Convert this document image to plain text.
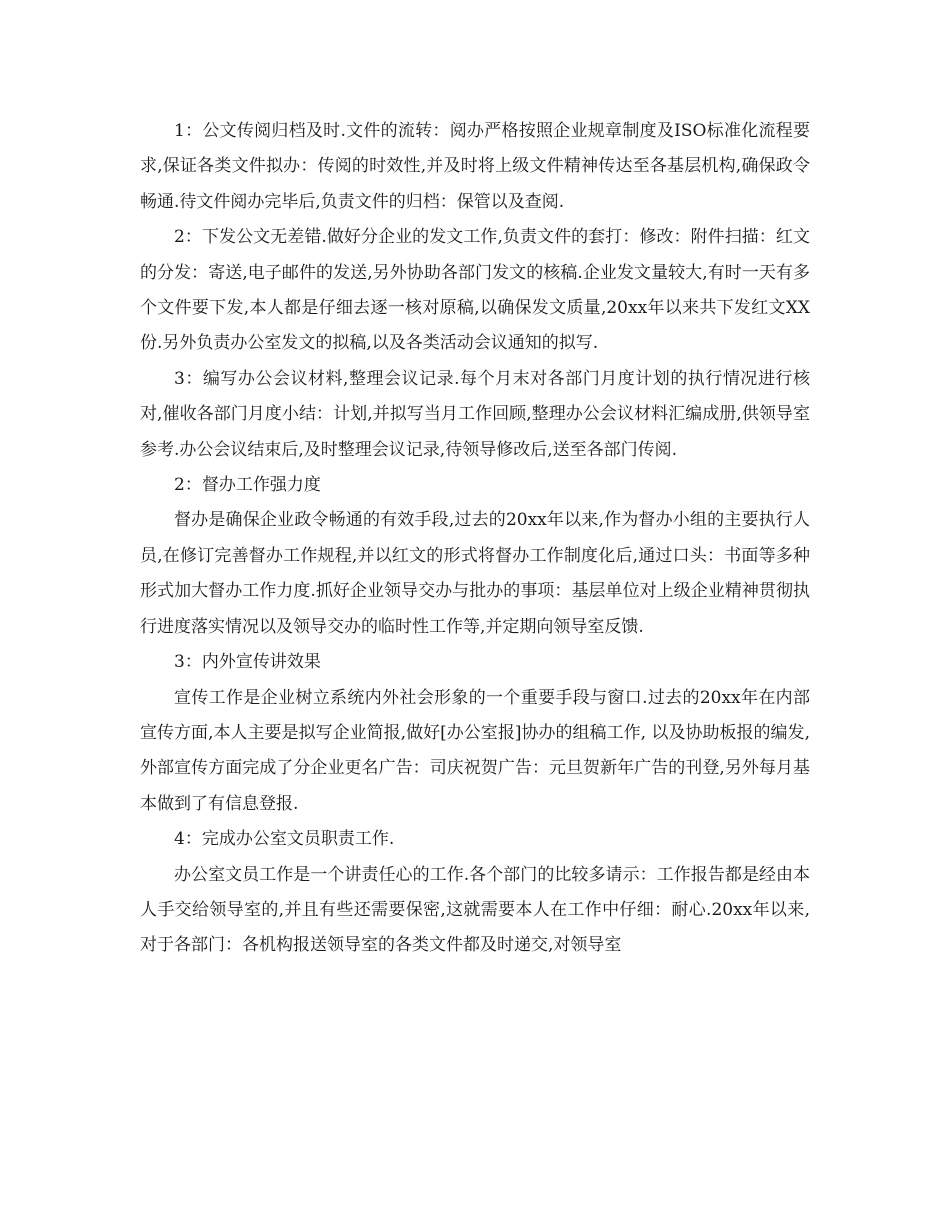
1：公文传阅归档及时.文件的流转：阅办严格按照企业规章制度及ISO标准化流程要求,保证各类文件拟办：传阅的时效性,并及时将上级文件精神传达至各基层机构,确保政令畅通.待文件阅办完毕后,负责文件的归档：保管以及查阅.

2：下发公文无差错.做好分企业的发文工作,负责文件的套打：修改：附件扫描：红文的分发：寄送,电子邮件的发送,另外协助各部门发文的核稿.企业发文量较大,有时一天有多个文件要下发,本人都是仔细去逐一核对原稿,以确保发文质量,20xx年以来共下发红文XX份.另外负责办公室发文的拟稿,以及各类活动会议通知的拟写.

3：编写办公会议材料,整理会议记录.每个月末对各部门月度计划的执行情况进行核对,催收各部门月度小结：计划,并拟写当月工作回顾,整理办公会议材料汇编成册,供领导室参考.办公会议结束后,及时整理会议记录,待领导修改后,送至各部门传阅.

2：督办工作强力度

督办是确保企业政令畅通的有效手段,过去的20xx年以来,作为督办小组的主要执行人员,在修订完善督办工作规程,并以红文的形式将督办工作制度化后,通过口头：书面等多种形式加大督办工作力度.抓好企业领导交办与批办的事项：基层单位对上级企业精神贯彻执行进度落实情况以及领导交办的临时性工作等,并定期向领导室反馈.

3：内外宣传讲效果

宣传工作是企业树立系统内外社会形象的一个重要手段与窗口.过去的20xx年在内部宣传方面,本人主要是拟写企业简报,做好[办公室报]协办的组稿工作, 以及协助板报的编发,外部宣传方面完成了分企业更名广告：司庆祝贺广告：元旦贺新年广告的刊登,另外每月基本做到了有信息登报.

4：完成办公室文员职责工作.

办公室文员工作是一个讲责任心的工作.各个部门的比较多请示：工作报告都是经由本人手交给领导室的,并且有些还需要保密,这就需要本人在工作中仔细：耐心.20xx年以来,对于各部门：各机构报送领导室的各类文件都及时递交,对领导室
